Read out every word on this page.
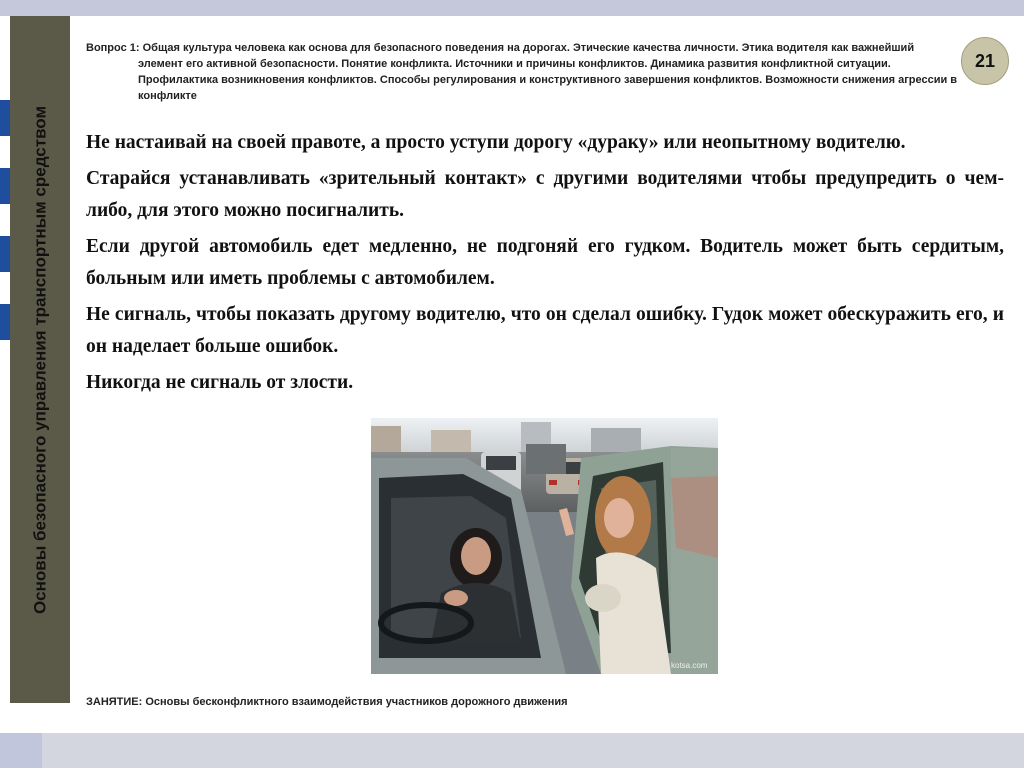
Основы безопасного управления транспортным средством
Вопрос 1: Общая культура человека как основа для безопасного поведения на дорогах. Этические качества личности. Этика водителя как важнейший
элемент его активной безопасности. Понятие конфликта. Источники и причины конфликтов. Динамика развития конфликтной ситуации. Профилактика возникновения конфликтов. Способы регулирования и конструктивного завершения конфликтов. Возможности снижения агрессии в конфликте
21

Не настаивай на своей правоте, а просто уступи дорогу «дураку» или неопытному водителю.

Старайся устанавливать «зрительный контакт» с другими водителями чтобы предупредить о чем-либо, для этого можно посигналить.

Если другой автомобиль едет медленно, не подгоняй его гудком. Водитель может быть сердитым, больным или иметь проблемы с автомобилем.

Не сигналь, чтобы показать другому водителю, что он сделал ошибку. Гудок может обескуражить его, и он наделает больше ошибок.

Никогда не сигналь от злости.

kotsa.com
ЗАНЯТИЕ: Основы бесконфликтного взаимодействия участников дорожного движения
